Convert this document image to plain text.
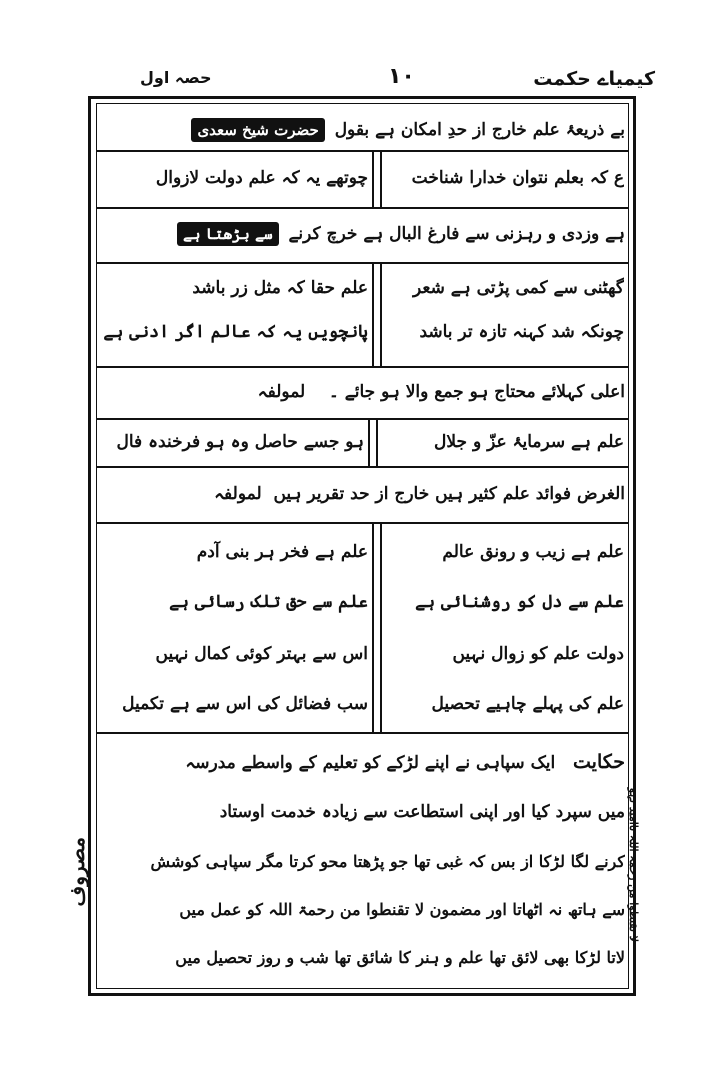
کیمیاے حکمت
۱۰
حصہ اول
بے ذریعۂ علم خارج از حدِ امکان ہے بقول حضرت شیخ سعدی
ع کہ بعلم نتوان خدارا شناخت
چوتھے یہ کہ علم دولت لازوال
ہے وزدی و رہزنی سے فارغ البال ہے خرچ کرنے سے بڑھتا ہے
گھٹنی سے کمی پڑتی ہے شعر
علم حقا کہ مثل زر باشد
چونکہ شد کہنہ تازہ تر باشد
پانچویں یہ کہ عالم اگر ادنی ہے
اعلی کہلائے محتاج ہو جمع والا ہو جائے ۔    لمولفہ
علم ہے سرمایۂ عزّ و جلال
ہو جسے حاصل وہ ہو فرخندہ فال
الغرض فوائد علم کثیر ہیں خارج از حد تقریر ہیں  لمولفہ
علم ہے زیب و رونق عالم
علم ہے فخر ہر بنی آدم
علم سے دل کو روشنائی ہے
علم سے حق تلک رسائی ہے
دولت علم کو زوال نہیں
اس سے بہتر کوئی کمال نہیں
علم کی پہلے چاہیے تحصیل
سب فضائل کی اس سے ہے تکمیل
حکایت   ایک سپاہی نے اپنے لڑکے کو تعلیم کے واسطے مدرسہ
میں سپرد کیا اور اپنی استطاعت سے زیادہ خدمت اوستاد
کرنے لگا لڑکا از بس کہ غبی تھا جو پڑھتا محو کرتا مگر سپاہی کوشش
سے ہاتھ نہ اٹھاتا اور مضمون لا تقنطوا من رحمۃ اللہ کو عمل میں
لاتا لڑکا بھی لائق تھا علم و ہنر کا شائق تھا شب و روز تحصیل میں
لا تقنطوا من رحمۃ اللہ ناامید نہو
مصروف
